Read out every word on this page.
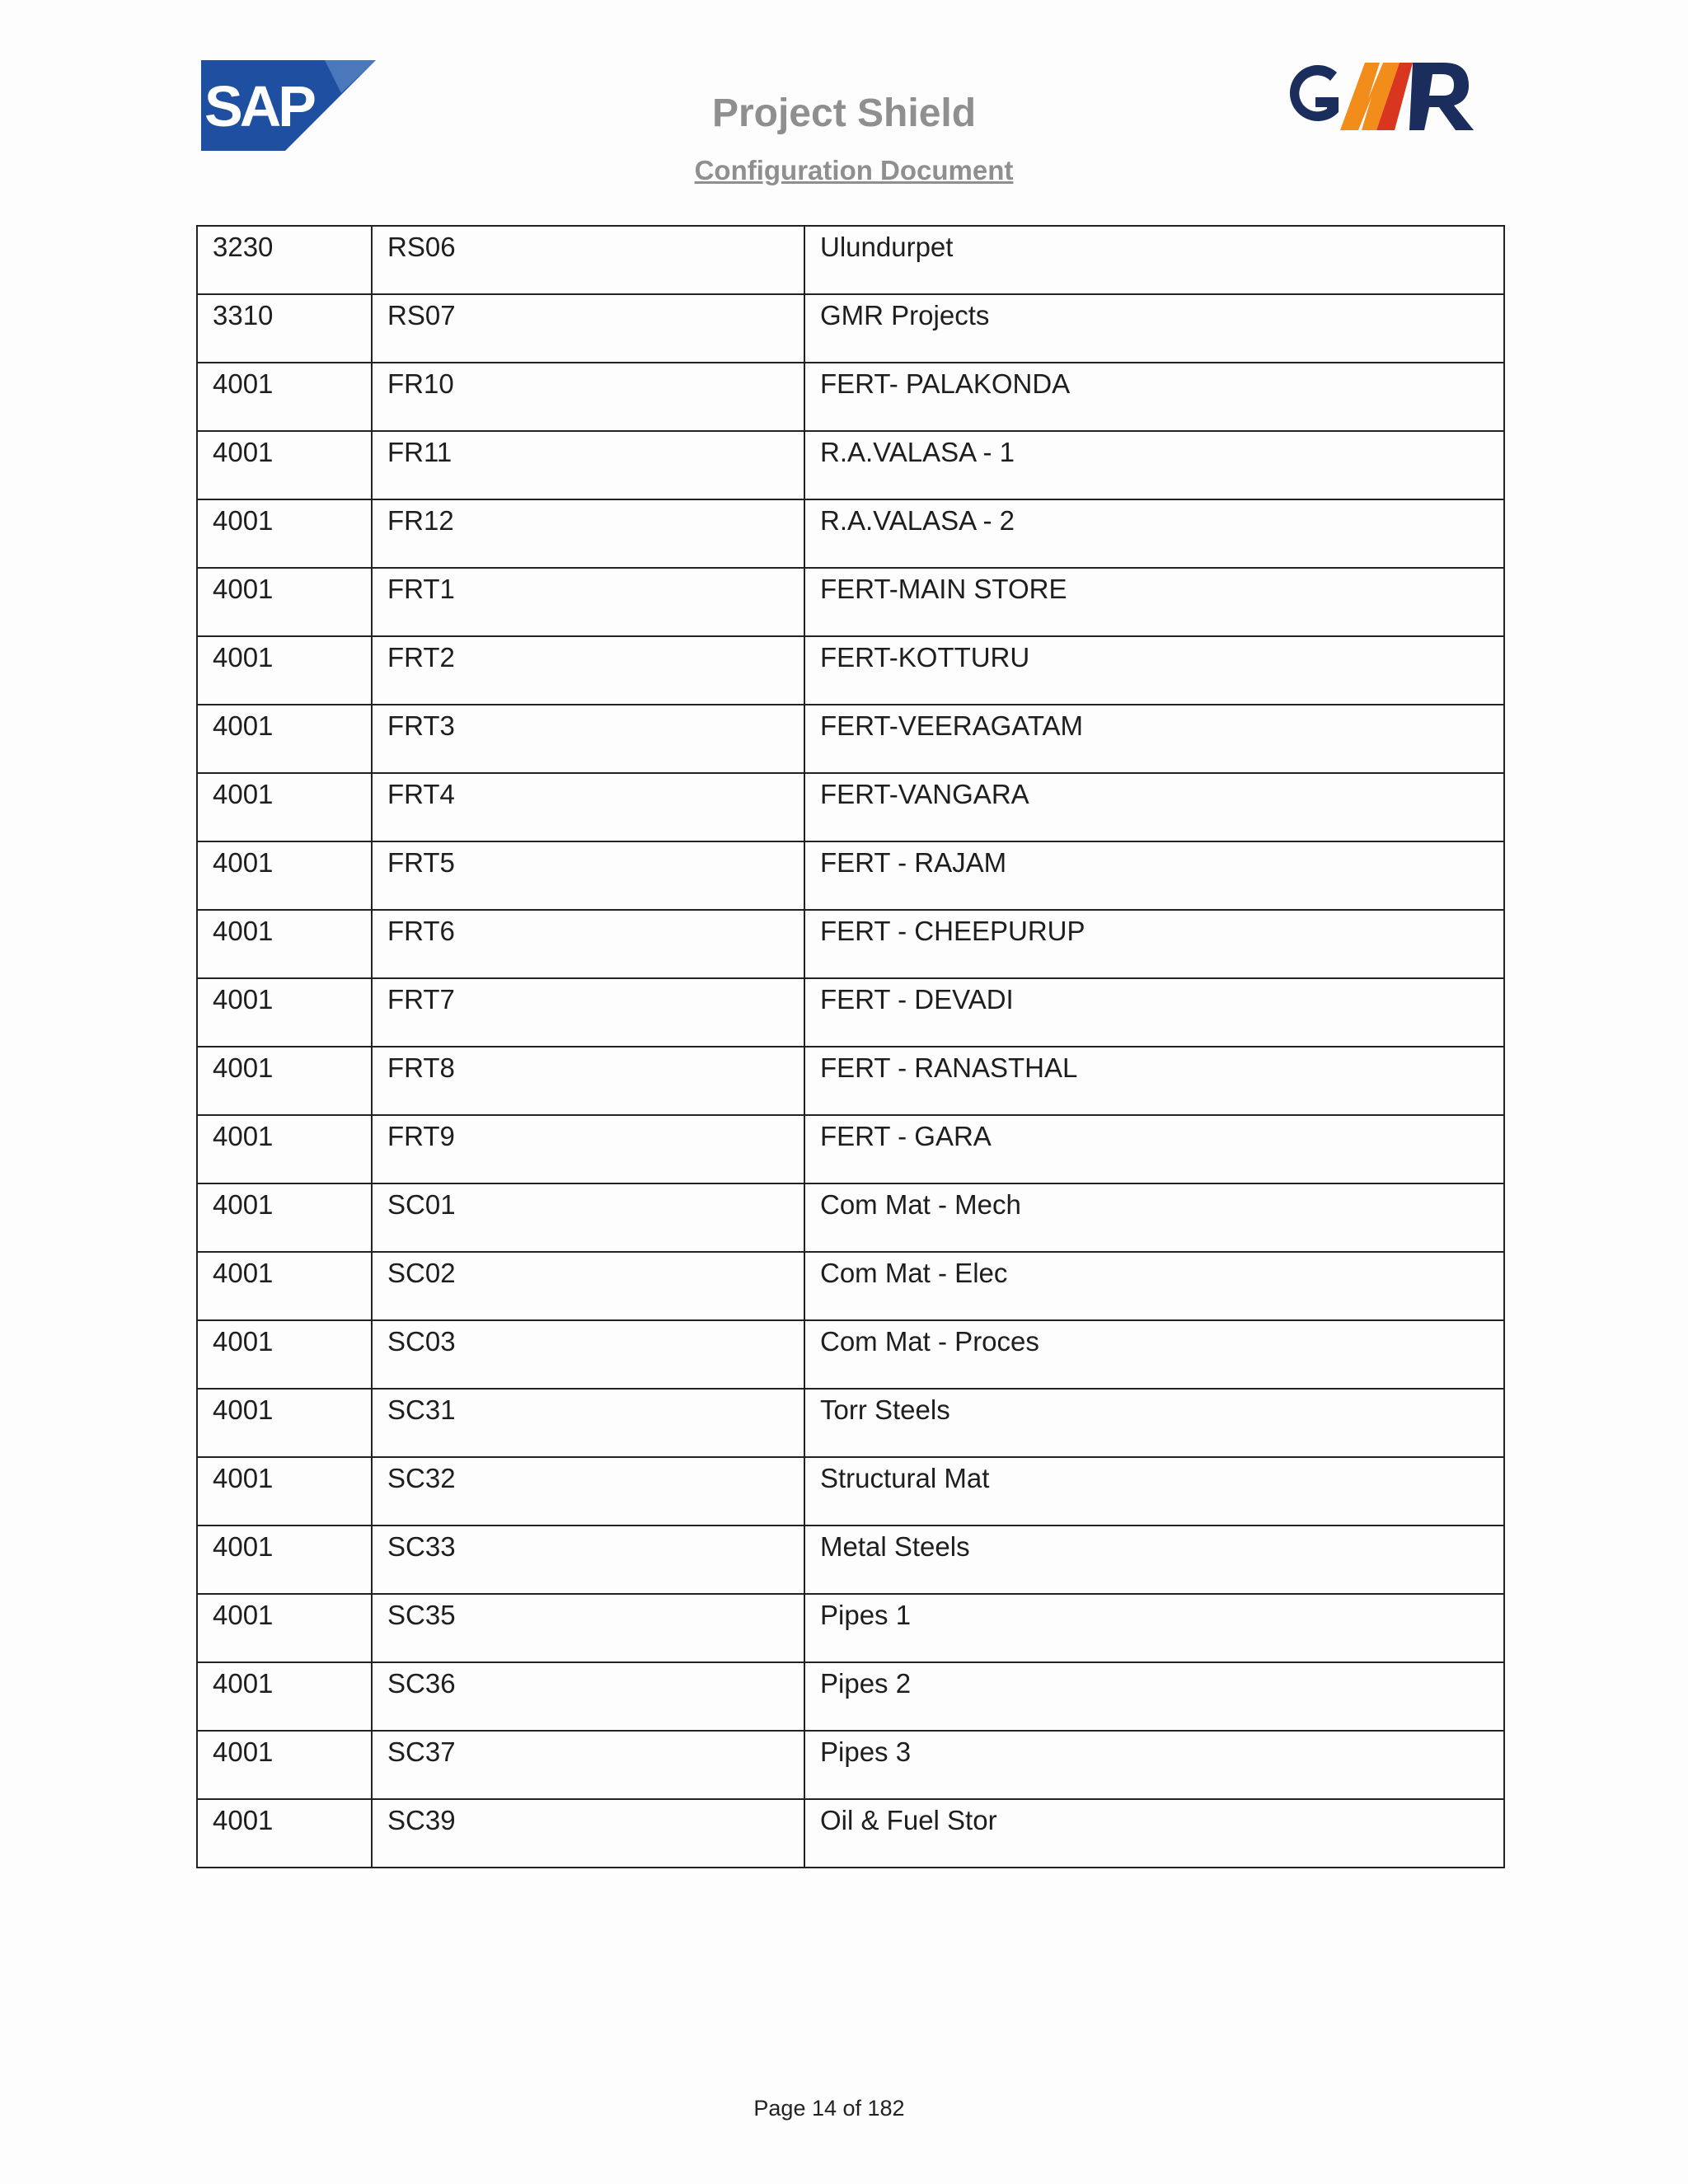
SAP	Project Shield
Configuration Document
3230	RS06	Ulundurpet
3310	RS07	GMR Projects
4001	FR10	FERT- PALAKONDA
4001	FR11	R.A.VALASA - 1
4001	FR12	R.A.VALASA - 2
4001	FRT1	FERT-MAIN STORE
4001	FRT2	FERT-KOTTURU
4001	FRT3	FERT-VEERAGATAM
4001	FRT4	FERT-VANGARA
4001	FRT5	FERT - RAJAM
4001	FRT6	FERT - CHEEPURUP
4001	FRT7	FERT - DEVADI
4001	FRT8	FERT - RANASTHAL
4001	FRT9	FERT - GARA
4001	SC01	Com Mat - Mech
4001	SC02	Com Mat - Elec
4001	SC03	Com Mat - Proces
4001	SC31	Torr Steels
4001	SC32	Structural Mat
4001	SC33	Metal Steels
4001	SC35	Pipes 1
4001	SC36	Pipes 2
4001	SC37	Pipes 3
4001	SC39	Oil & Fuel Stor
Page 14 of 182
